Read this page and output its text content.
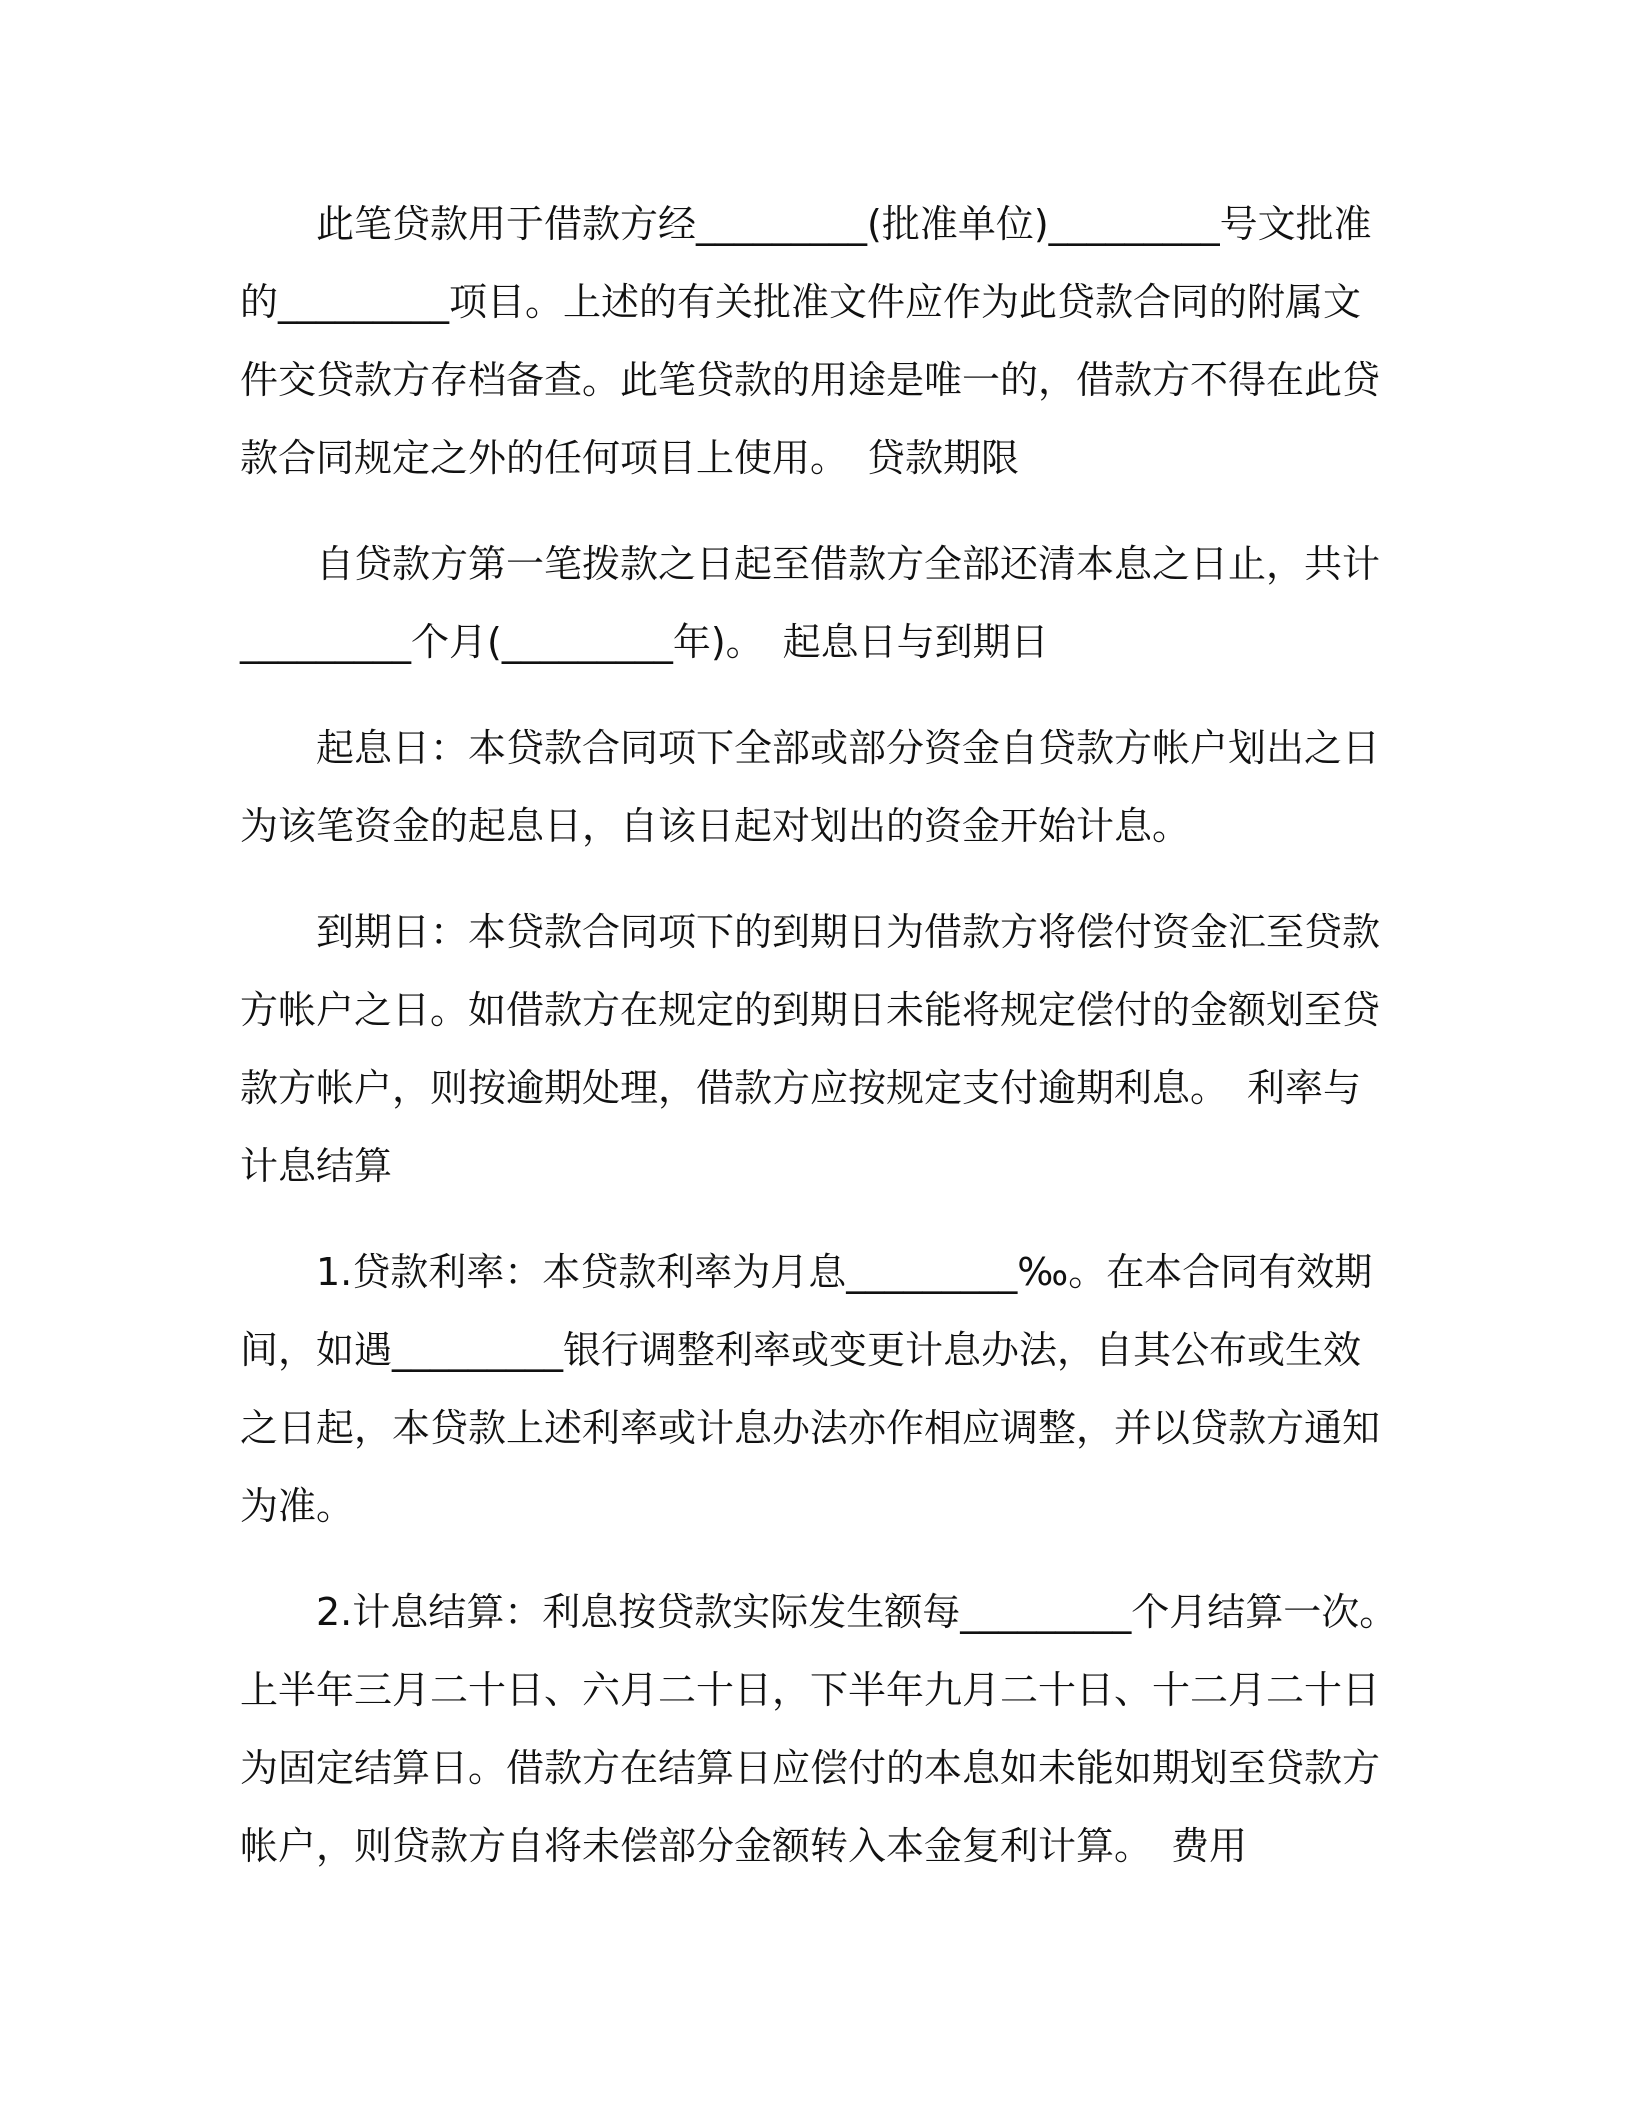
此笔贷款用于借款方经_________(批准单位)_________号文批准
的_________项目。上述的有关批准文件应作为此贷款合同的附属文
件交贷款方存档备查。此笔贷款的用途是唯一的，借款方不得在此贷
款合同规定之外的任何项目上使用。　贷款期限

自贷款方第一笔拨款之日起至借款方全部还清本息之日止，共计
_________个月(_________年)。　起息日与到期日

起息日：本贷款合同项下全部或部分资金自贷款方帐户划出之日
为该笔资金的起息日，自该日起对划出的资金开始计息。

到期日：本贷款合同项下的到期日为借款方将偿付资金汇至贷款
方帐户之日。如借款方在规定的到期日未能将规定偿付的金额划至贷
款方帐户，则按逾期处理，借款方应按规定支付逾期利息。　利率与
计息结算

1.贷款利率：本贷款利率为月息_________‰。在本合同有效期
间，如遇_________银行调整利率或变更计息办法，自其公布或生效
之日起，本贷款上述利率或计息办法亦作相应调整，并以贷款方通知
为准。

2.计息结算：利息按贷款实际发生额每_________个月结算一次。
上半年三月二十日、六月二十日，下半年九月二十日、十二月二十日
为固定结算日。借款方在结算日应偿付的本息如未能如期划至贷款方
帐户，则贷款方自将未偿部分金额转入本金复利计算。　费用
